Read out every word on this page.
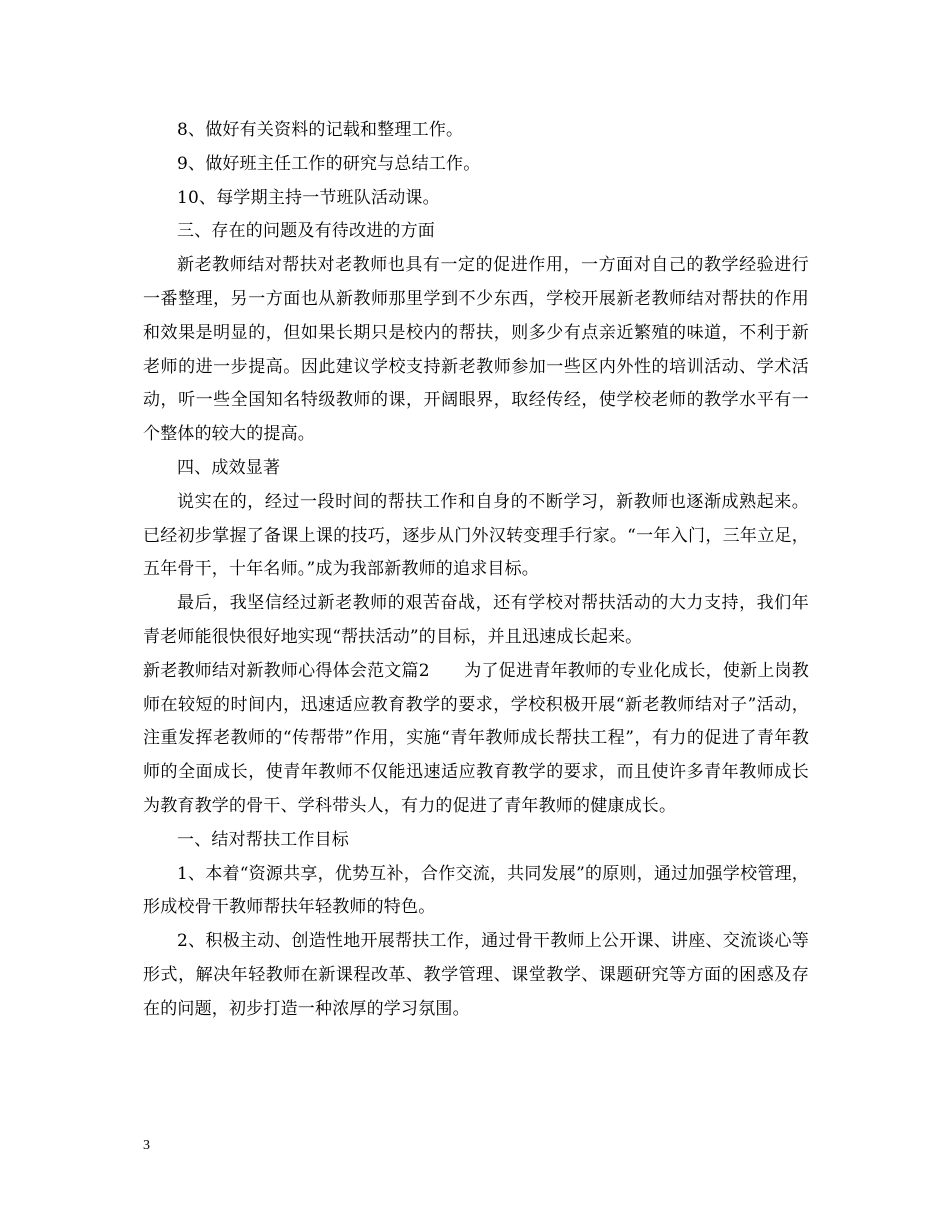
8、做好有关资料的记载和整理工作。

9、做好班主任工作的研究与总结工作。

10、每学期主持一节班队活动课。

三、存在的问题及有待改进的方面

新老教师结对帮扶对老教师也具有一定的促进作用，一方面对自己的教学经验进行一番整理，另一方面也从新教师那里学到不少东西，学校开展新老教师结对帮扶的作用和效果是明显的，但如果长期只是校内的帮扶，则多少有点亲近繁殖的味道，不利于新老师的进一步提高。因此建议学校支持新老教师参加一些区内外性的培训活动、学术活动，听一些全国知名特级教师的课，开阔眼界，取经传经，使学校老师的教学水平有一个整体的较大的提高。

四、成效显著

说实在的，经过一段时间的帮扶工作和自身的不断学习，新教师也逐渐成熟起来。已经初步掌握了备课上课的技巧，逐步从门外汉转变理手行家。“一年入门，三年立足，五年骨干，十年名师。”成为我部新教师的追求目标。

最后，我坚信经过新老教师的艰苦奋战，还有学校对帮扶活动的大力支持，我们年青老师能很快很好地实现“帮扶活动”的目标，并且迅速成长起来。

新老教师结对新教师心得体会范文篇2　　为了促进青年教师的专业化成长，使新上岗教师在较短的时间内，迅速适应教育教学的要求，学校积极开展“新老教师结对子”活动，注重发挥老教师的“传帮带”作用，实施“青年教师成长帮扶工程”，有力的促进了青年教师的全面成长，使青年教师不仅能迅速适应教育教学的要求，而且使许多青年教师成长为教育教学的骨干、学科带头人，有力的促进了青年教师的健康成长。

一、结对帮扶工作目标

1、本着“资源共享，优势互补，合作交流，共同发展”的原则，通过加强学校管理，形成校骨干教师帮扶年轻教师的特色。

2、积极主动、创造性地开展帮扶工作，通过骨干教师上公开课、讲座、交流谈心等形式，解决年轻教师在新课程改革、教学管理、课堂教学、课题研究等方面的困惑及存在的问题，初步打造一种浓厚的学习氛围。

3
